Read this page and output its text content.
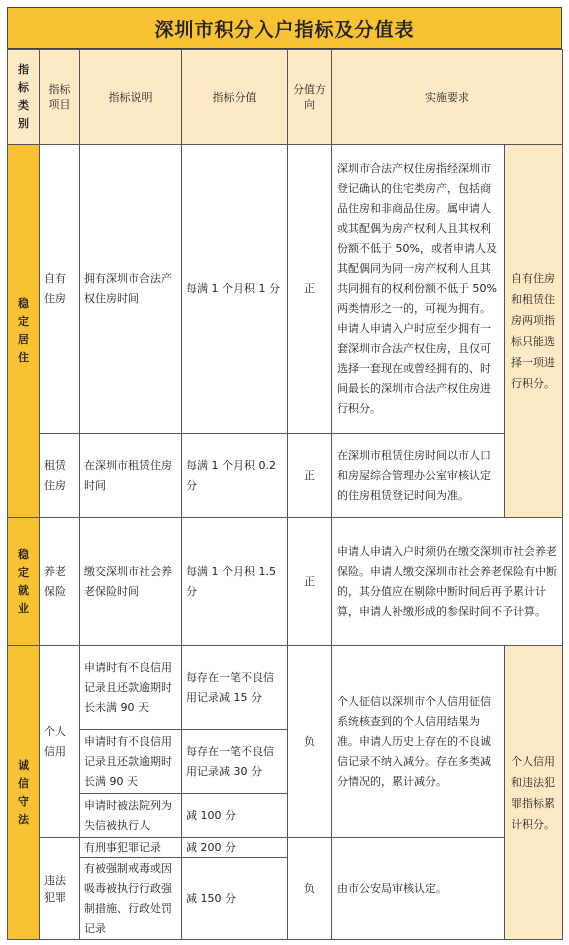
深圳市积分入户指标及分值表
指标类别	指标项目	指标说明	指标分值	分值方向	实施要求	

稳定居住	自有住房	拥有深圳市合法产权住房时间	每满 1 个月积 1 分	正	深圳市合法产权住房指经深圳市登记确认的住宅类房产，包括商品住房和非商品住房。属申请人或其配偶为房产权利人且其权利份额不低于 50%，或者申请人及其配偶同为同一房产权利人且其共同拥有的权利份额不低于 50%两类情形之一的，可视为拥有。申请人申请入户时应至少拥有一套深圳市合法产权住房，且仅可选择一套现在或曾经拥有的、时间最长的深圳市合法产权住房进行积分。	自有住房和租赁住房两项指标只能选择一项进行积分。
	租赁住房	在深圳市租赁住房时间	每满 1 个月积 0.2 分	正	在深圳市租赁住房时间以市人口和房屋综合管理办公室审核认定的住房租赁登记时间为准。	

稳定就业	养老保险	缴交深圳市社会养老保险时间	每满 1 个月积 1.5 分	正	申请人申请入户时须仍在缴交深圳市社会养老保险。申请人缴交深圳市社会养老保险有中断的，其分值应在剔除中断时间后再予累计计算，申请人补缴形成的参保时间不予计算。	

诚信守法	个人信用	申请时有不良信用记录且还款逾期时长未满 90 天	每存在一笔不良信用记录减 15 分	负	个人征信以深圳市个人信用征信系统核查到的个人信用结果为准。申请人历史上存在的不良诚信记录不纳入减分。存在多类减分情况的，累计减分。	个人信用和违法犯罪指标累计积分。
		申请时有不良信用记录且还款逾期时长满 90 天	每存在一笔不良信用记录减 30 分			
		申请时被法院列为失信被执行人	减 100 分			
	违法犯罪	有刑事犯罪记录	减 200 分	负	由市公安局审核认定。	
		有被强制戒毒或因吸毒被执行行政强制措施、行政处罚记录	减 150 分			
